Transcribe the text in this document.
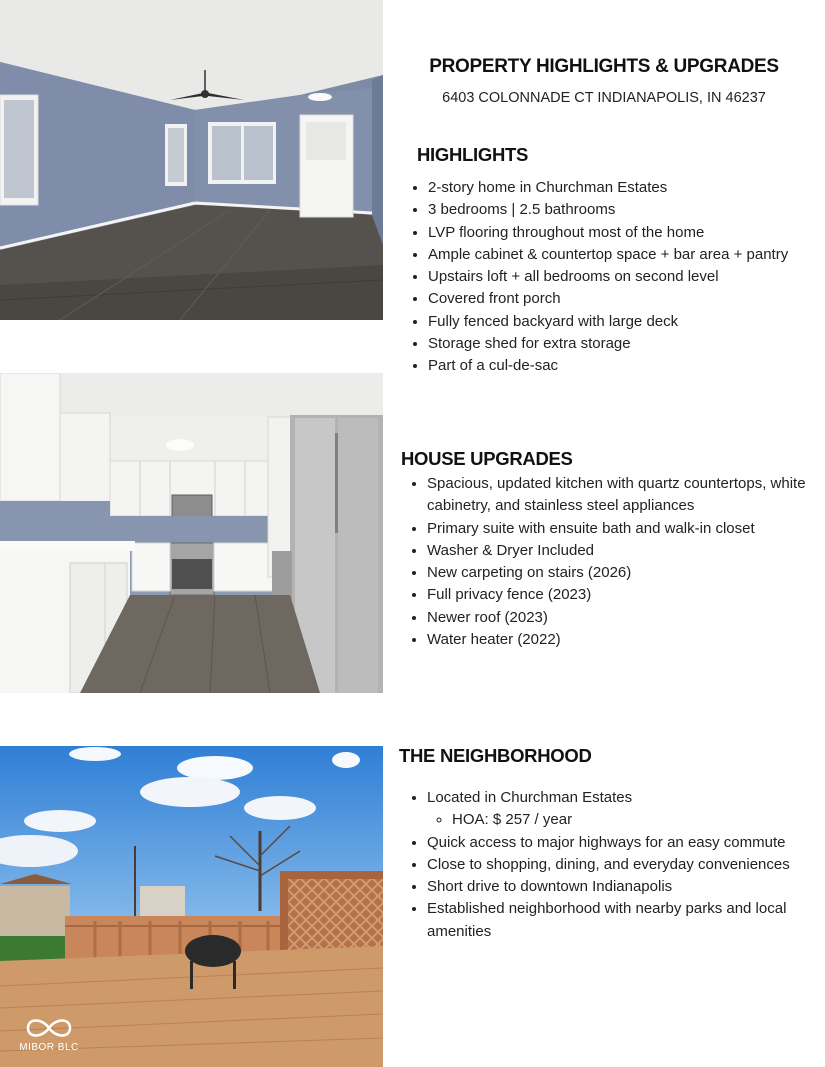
MIBOR BLC
PROPERTY HIGHLIGHTS & UPGRADES
6403 COLONNADE CT INDIANAPOLIS, IN 46237
HIGHLIGHTS
• 2-story home in Churchman Estates
• 3 bedrooms | 2.5 bathrooms
• LVP flooring throughout most of the home
• Ample cabinet & countertop space + bar area + pantry
• Upstairs loft + all bedrooms on second level
• Covered front porch
• Fully fenced backyard with large deck
• Storage shed for extra storage
• Part of a cul-de-sac
HOUSE UPGRADES
• Spacious, updated kitchen with quartz countertops, white cabinetry, and stainless steel appliances
• Primary suite with ensuite bath and walk-in closet
• Washer & Dryer Included
• New carpeting on stairs (2026)
• Full privacy fence (2023)
• Newer roof (2023)
• Water heater (2022)
THE NEIGHBORHOOD
• Located in Churchman Estates
◦ HOA: $ 257 / year
• Quick access to major highways for an easy commute
• Close to shopping, dining, and everyday conveniences
• Short drive to downtown Indianapolis
• Established neighborhood with nearby parks and local amenities
